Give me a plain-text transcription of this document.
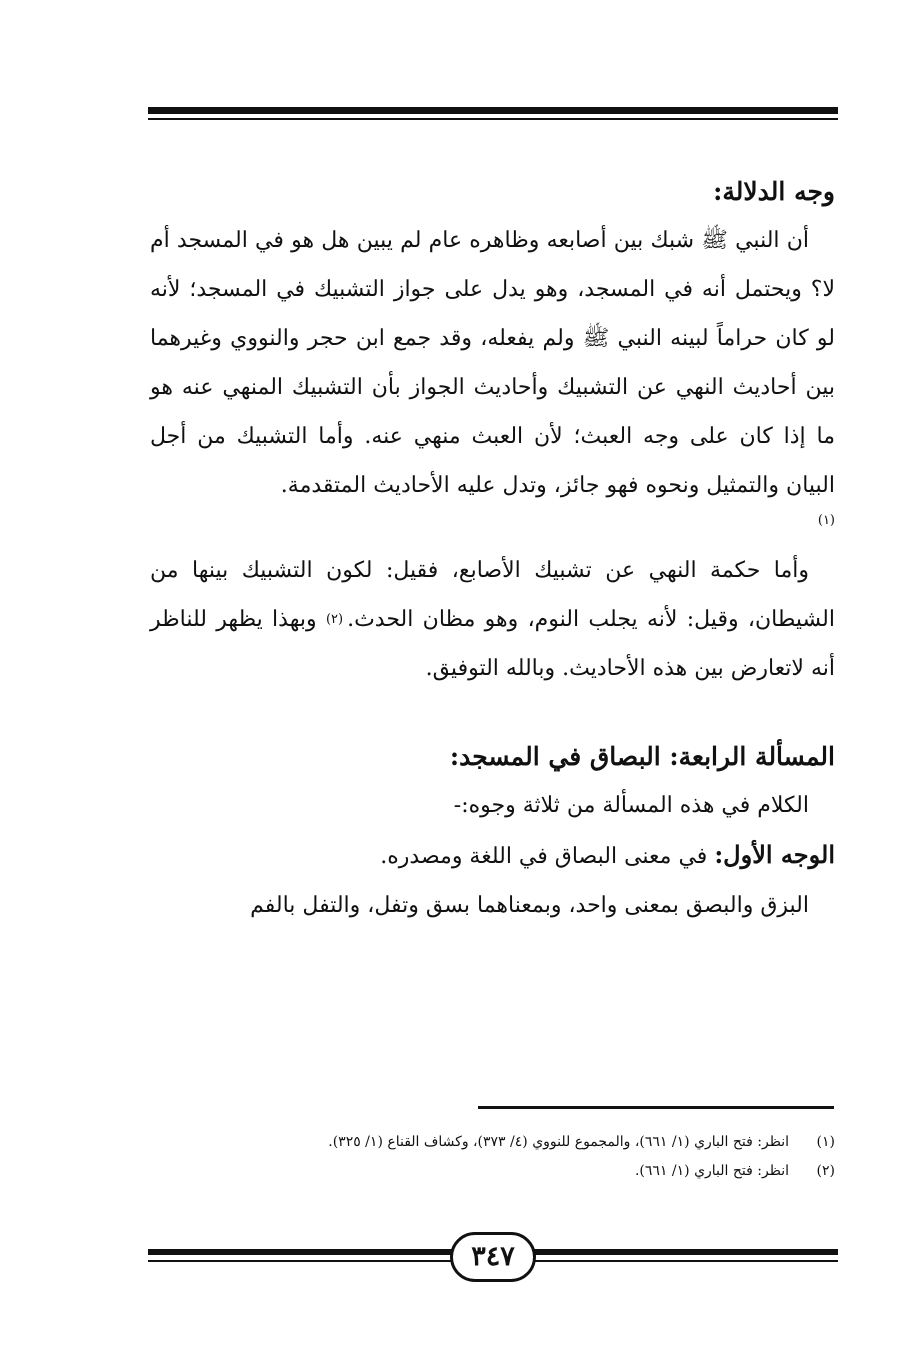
وجه الدلالة:

أن النبي ﷺ شبك بين أصابعه وظاهره عام لم يبين هل هو في المسجد أم لا؟ ويحتمل أنه في المسجد، وهو يدل على جواز التشبيك في المسجد؛ لأنه لو كان حراماً لبينه النبي ﷺ ولم يفعله، وقد جمع ابن حجر والنووي وغيرهما بين أحاديث النهي عن التشبيك وأحاديث الجواز بأن التشبيك المنهي عنه هو ما إذا كان على وجه العبث؛ لأن العبث منهي عنه. وأما التشبيك من أجل البيان والتمثيل ونحوه فهو جائز، وتدل عليه الأحاديث المتقدمة.

(١)

وأما حكمة النهي عن تشبيك الأصابع، فقيل: لكون التشبيك بينها من الشيطان، وقيل: لأنه يجلب النوم، وهو مظان الحدث.(٢) وبهذا يظهر للناظر أنه لاتعارض بين هذه الأحاديث. وبالله التوفيق.

المسألة الرابعة: البصاق في المسجد:

الكلام في هذه المسألة من ثلاثة وجوه:-

الوجه الأول: في معنى البصاق في اللغة ومصدره.

البزق والبصق بمعنى واحد، وبمعناهما بسق وتفل، والتفل بالفم

(١)انظر: فتح الباري (١/ ٦٦١)، والمجموع للنووي (٤/ ٣٧٣)، وكشاف القناع (١/ ٣٢٥).

(٢)انظر: فتح الباري (١/ ٦٦١).

٣٤٧
